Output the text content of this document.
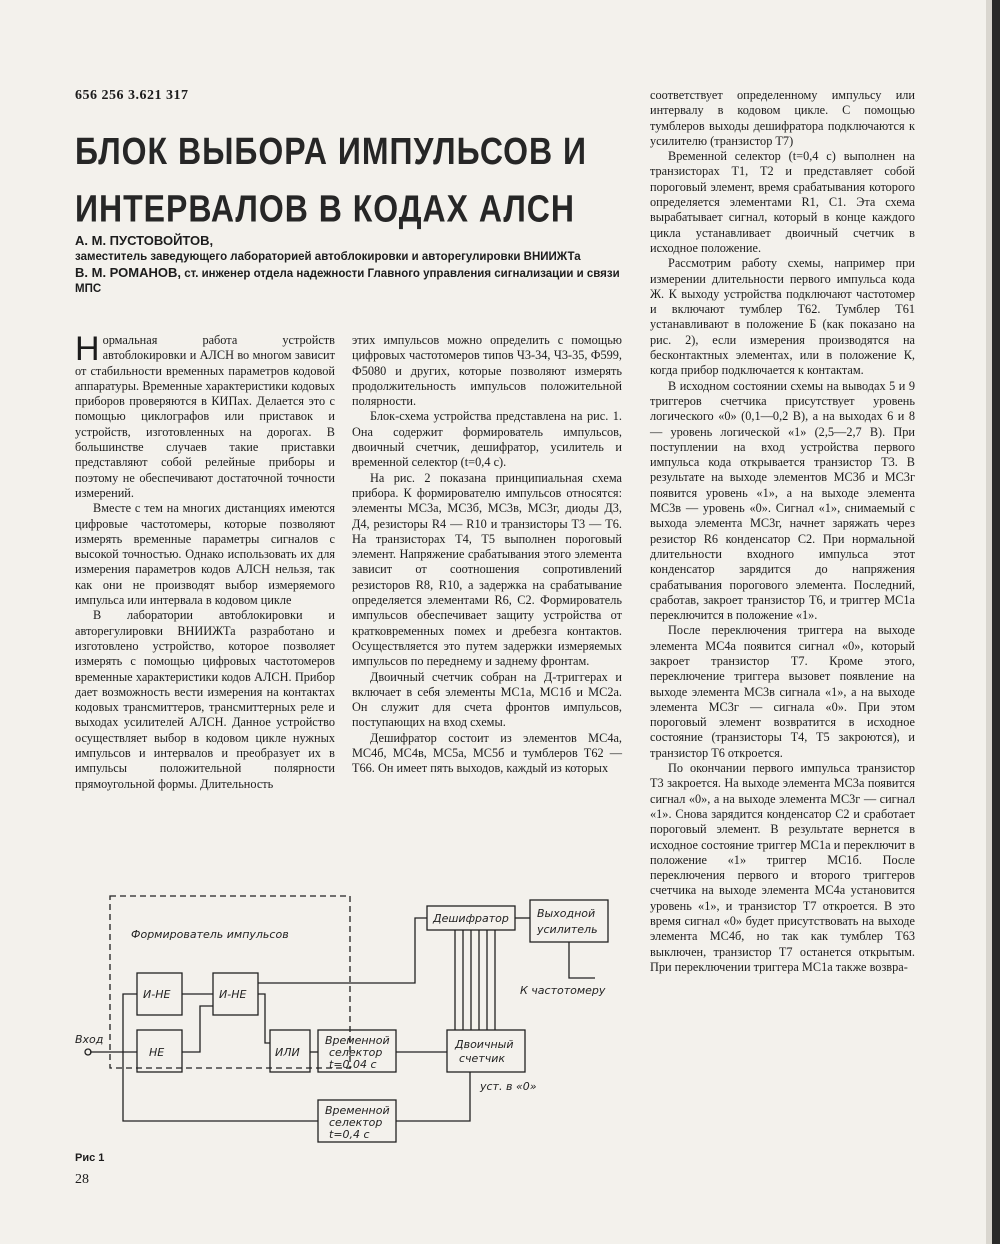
656 256 3.621 317
БЛОК ВЫБОРА ИМПУЛЬСОВ И ИНТЕРВАЛОВ В КОДАХ АЛСН
А. М. ПУСТОВОЙТОВ,
заместитель заведующего лабораторией автоблокировки и авторегулировки ВНИИЖТа
В. М. РОМАНОВ, ст. инженер отдела надежности Главного управления сигнализации и связи МПС

Нормальная работа устройств автоблокировки и АЛСН во многом зависит от стабильности временных параметров кодовой аппаратуры. Временные характеристики кодовых приборов проверяются в КИПах. Делается это с помощью циклографов или приставок и устройств, изготовленных на дорогах. В большинстве случаев такие приставки представляют собой релейные приборы и поэтому не обеспечивают достаточной точности измерений.

Вместе с тем на многих дистанциях имеются цифровые частотомеры, которые позволяют измерять временные параметры сигналов с высокой точностью. Однако использовать их для измерения параметров кодов АЛСН нельзя, так как они не производят выбор измеряемого импульса или интервала в кодовом цикле

В лаборатории автоблокировки и авторегулировки ВНИИЖТа разработано и изготовлено устройство, которое позволяет измерять с помощью цифровых частотомеров временные характеристики кодов АЛСН. Прибор дает возможность вести измерения на контактах кодовых трансмиттеров, трансмиттерных реле и выходах усилителей АЛСН. Данное устройство осуществляет выбор в кодовом цикле нужных импульсов и интервалов и преобразует их в импульсы положительной полярности прямоугольной формы. Длительность

этих импульсов можно определить с помощью цифровых частотомеров типов Ч3-34, Ч3-35, Ф599, Ф5080 и других, которые позволяют измерять продолжительность импульсов положительной полярности.

Блок-схема устройства представлена на рис. 1. Она содержит формирователь импульсов, двоичный счетчик, дешифратор, усилитель и временной селектор (t=0,4 с).

На рис. 2 показана принципиальная схема прибора. К формирователю импульсов относятся: элементы МС3а, МС3б, МС3в, МС3г, диоды Д3, Д4, резисторы R4 — R10 и транзисторы Т3 — Т6. На транзисторах Т4, Т5 выполнен пороговый элемент. Напряжение срабатывания этого элемента зависит от соотношения сопротивлений резисторов R8, R10, а задержка на срабатывание определяется элементами R6, С2. Формирователь импульсов обеспечивает защиту устройства от кратковременных помех и дребезга контактов. Осуществляется это путем задержки измеряемых импульсов по переднему и заднему фронтам.

Двоичный счетчик собран на Д-триггерах и включает в себя элементы МС1а, МС1б и МС2а. Он служит для счета фронтов импульсов, поступающих на вход схемы.

Дешифратор состоит из элементов МС4а, МС4б, МС4в, МС5а, МС5б и тумблеров Т62 — Т66. Он имеет пять выходов, каждый из которых

соответствует определенному импульсу или интервалу в кодовом цикле. С помощью тумблеров выходы дешифратора подключаются к усилителю (транзистор Т7)

Временной селектор (t=0,4 с) выполнен на транзисторах Т1, Т2 и представляет собой пороговый элемент, время срабатывания которого определяется элементами R1, С1. Эта схема вырабатывает сигнал, который в конце каждого цикла устанавливает двоичный счетчик в исходное положение.

Рассмотрим работу схемы, например при измерении длительности первого импульса кода Ж. К выходу устройства подключают частотомер и включают тумблер Т62. Тумблер Т61 устанавливают в положение Б (как показано на рис. 2), если измерения производятся на бесконтактных элементах, или в положение К, когда прибор подключается к контактам.

В исходном состоянии схемы на выводах 5 и 9 триггеров счетчика присутствует уровень логического «0» (0,1—0,2 В), а на выходах 6 и 8 — уровень логической «1» (2,5—2,7 В). При поступлении на вход устройства первого импульса кода открывается транзистор Т3. В результате на выходе элементов МС3б и МС3г появится уровень «1», а на выходе элемента МС3в — уровень «0». Сигнал «1», снимаемый с выхода элемента МС3г, начнет заряжать через резистор R6 конденсатор С2. При нормальной длительности входного импульса этот конденсатор зарядится до напряжения срабатывания порогового элемента. Последний, сработав, закроет транзистор Т6, и триггер МС1а переключится в положение «1».

После переключения триггера на выходе элемента МС4а появится сигнал «0», который закроет транзистор Т7. Кроме этого, переключение триггера вызовет появление на выходе элемента МС3в сигнала «1», а на выходе элемента МС3г — сигнала «0». При этом пороговый элемент возвратится в исходное состояние (транзисторы Т4, Т5 закроются), и транзистор Т6 откроется.

По окончании первого импульса транзистор Т3 закроется. На выходе элемента МС3а появится сигнал «0», а на выходе элемента МС3г — сигнал «1». Снова зарядится конденсатор С2 и сработает пороговый элемент. В результате вернется в исходное состояние триггер МС1а и переключит в положение «1» триггер МС1б. После переключения первого и второго триггеров счетчика на выходе элемента МС4а установится уровень «1», и транзистор Т7 откроется. В это время сигнал «0» будет присутствовать на выходе элемента МС4б, но так как тумблер Т63 выключен, транзистор Т7 останется открытым. При переключении триггера МС1а также возвра-

Формирователь импульсов
Дешифратор	Выходной
усилитель
К частотомеру
Вход
И-НЕ	И-НЕ
НЕ	ИЛИ
Временной
селектор
t=0,04 с
Двоичный
счетчик
уст. в «0»
Временной
селектор
t=0,4 с
Рис 1
28
